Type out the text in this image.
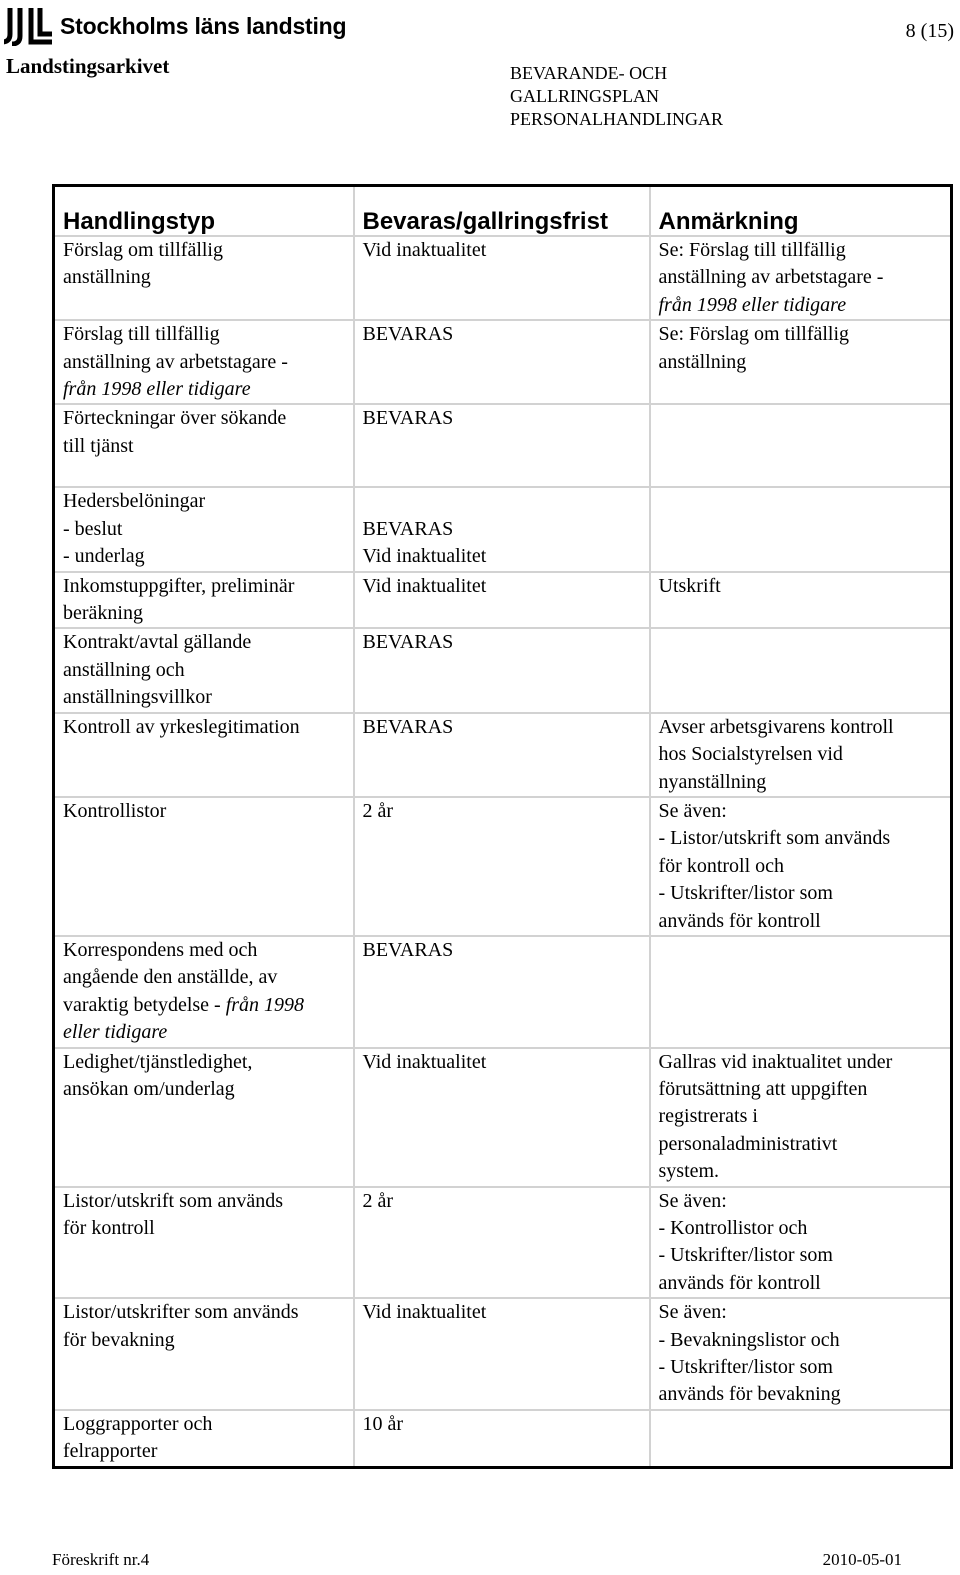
Stockholms läns landsting	8 (15)
Landstingsarkivet	BEVARANDE- OCH
GALLRINGSPLAN
PERSONALHANDLINGAR
Handlingstyp	Bevaras/gallringsfrist	Anmärkning

Förslag om tillfällig
anställning	Vid inaktualitet	Se: Förslag till tillfällig
anställning av arbetstagare -
från 1998 eller tidigare

Förslag till tillfällig
anställning av arbetstagare -
från 1998 eller tidigare	BEVARAS	Se: Förslag om tillfällig
anställning

Förteckningar över sökande
till tjänst	BEVARAS	

Hedersbelöningar
- beslut
- underlag	BEVARAS
Vid inaktualitet	

Inkomstuppgifter, preliminär
beräkning	Vid inaktualitet	Utskrift

Kontrakt/avtal gällande
anställning och
anställningsvillkor	BEVARAS	

Kontroll av yrkeslegitimation	BEVARAS	Avser arbetsgivarens kontroll
hos Socialstyrelsen vid
nyanställning

Kontrollistor	2 år	Se även:
- Listor/utskrift som används
för kontroll och
- Utskrifter/listor som
används för kontroll

Korrespondens med och
angående den anställde, av
varaktig betydelse - från 1998
eller tidigare	BEVARAS	

Ledighet/tjänstledighet,
ansökan om/underlag	Vid inaktualitet	Gallras vid inaktualitet under
förutsättning att uppgiften
registrerats i
personaladministrativt
system.

Listor/utskrift som används
för kontroll	2 år	Se även:
- Kontrollistor och
- Utskrifter/listor som
används för kontroll

Listor/utskrifter som används
för bevakning	Vid inaktualitet	Se även:
- Bevakningslistor och
- Utskrifter/listor som
används för bevakning

Loggrapporter och
felrapporter	10 år	

Föreskrift nr.4	2010-05-01
